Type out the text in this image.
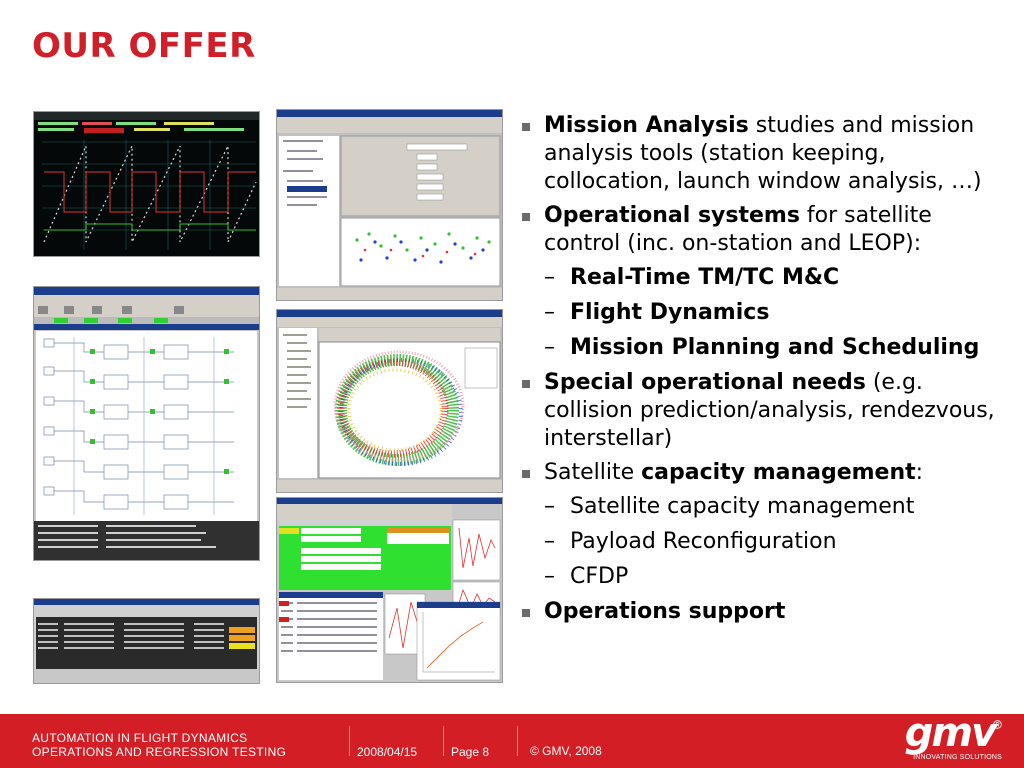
OUR OFFER
Mission Analysis studies and mission analysis tools (station keeping, collocation, launch window analysis, …)
Operational systems for satellite control (inc. on-station and LEOP):
– Real-Time TM/TC M&C
– Flight Dynamics
– Mission Planning and Scheduling
Special operational needs (e.g. collision prediction/analysis, rendezvous, interstellar)
Satellite capacity management:
– Satellite capacity management
– Payload Reconfiguration
– CFDP
Operations support
AUTOMATION IN FLIGHT DYNAMICS
OPERATIONS AND REGRESSION TESTING	2008/04/15	Page 8	© GMV, 2008	gmv
INNOVATING SOLUTIONS
